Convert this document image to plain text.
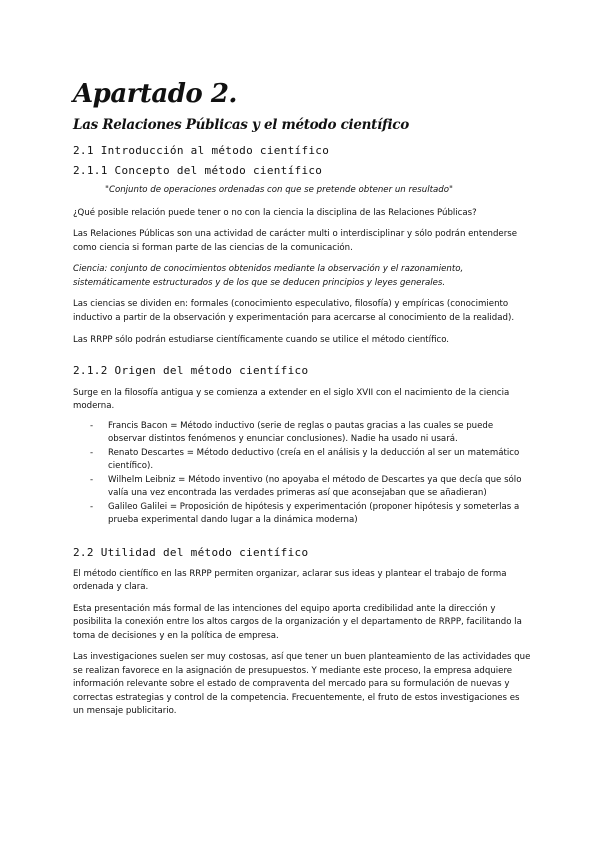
Apartado 2.
Las Relaciones Públicas y el método científico
2.1 Introducción al método científico
2.1.1 Concepto del método científico

"Conjunto de operaciones ordenadas con que se pretende obtener un resultado"

¿Qué posible relación puede tener o no con la ciencia la disciplina de las Relaciones Públicas?

Las Relaciones Públicas son una actividad de carácter multi o interdisciplinar y sólo podrán entenderse como ciencia si forman parte de las ciencias de la comunicación.

Ciencia: conjunto de conocimientos obtenidos mediante la observación y el razonamiento, sistemáticamente estructurados y de los que se deducen principios y leyes generales.

Las ciencias se dividen en: formales (conocimiento especulativo, filosofía) y empíricas (conocimiento inductivo a partir de la observación y experimentación para acercarse al conocimiento de la realidad).

Las RRPP sólo podrán estudiarse científicamente cuando se utilice el método científico.

2.1.2 Origen del método científico

Surge en la filosofía antigua y se comienza a extender en el siglo XVII con el nacimiento de la ciencia moderna.

- Francis Bacon = Método inductivo (serie de reglas o pautas gracias a las cuales se puede observar distintos fenómenos y enunciar conclusiones). Nadie ha usado ni usará.
- Renato Descartes = Método deductivo (creía en el análisis y la deducción al ser un matemático científico).
- Wilhelm Leibniz = Método inventivo (no apoyaba el método de Descartes ya que decía que sólo valía una vez encontrada las verdades primeras así que aconsejaban que se añadieran)
- Galileo Galilei = Proposición de hipótesis y experimentación (proponer hipótesis y someterlas a prueba experimental dando lugar a la dinámica moderna)
2.2 Utilidad del método científico

El método científico en las RRPP permiten organizar, aclarar sus ideas y plantear el trabajo de forma ordenada y clara.

Esta presentación más formal de las intenciones del equipo aporta credibilidad ante la dirección y posibilita la conexión entre los altos cargos de la organización y el departamento de RRPP, facilitando la toma de decisiones y en la política de empresa.

Las investigaciones suelen ser muy costosas, así que tener un buen planteamiento de las actividades que se realizan favorece en la asignación de presupuestos. Y mediante este proceso, la empresa adquiere información relevante sobre el estado de compraventa del mercado para su formulación de nuevas y correctas estrategias y control de la competencia. Frecuentemente, el fruto de estos investigaciones es un mensaje publicitario.
